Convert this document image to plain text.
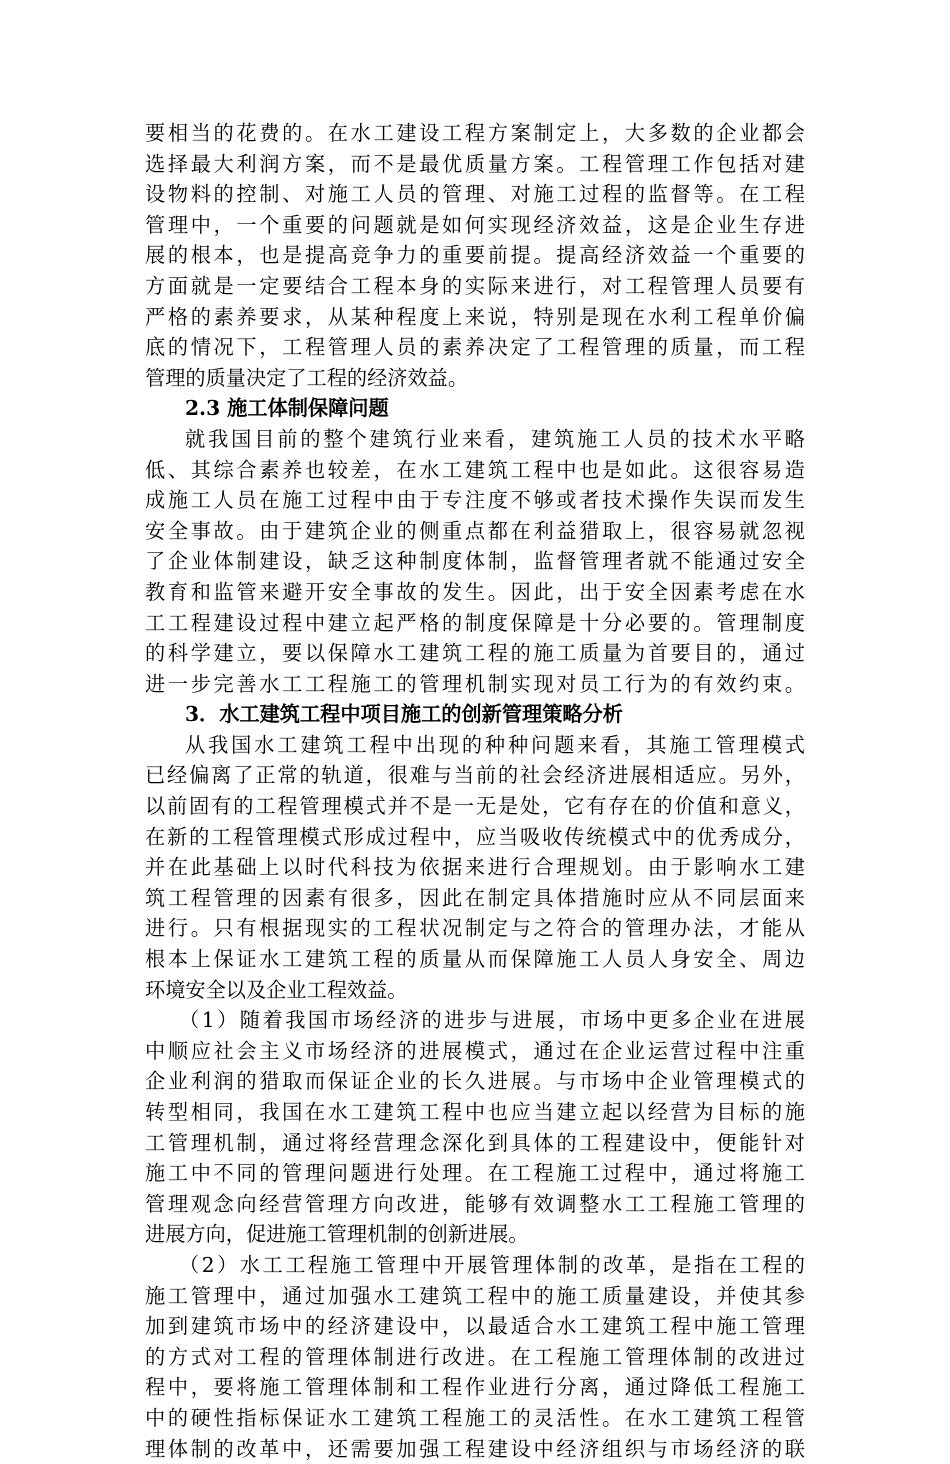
要相当的花费的。在水工建设工程方案制定上，大多数的企业都会

选择最大利润方案，而不是最优质量方案。工程管理工作包括对建

设物料的控制、对施工人员的管理、对施工过程的监督等。在工程

管理中，一个重要的问题就是如何实现经济效益，这是企业生存进

展的根本，也是提高竞争力的重要前提。提高经济效益一个重要的

方面就是一定要结合工程本身的实际来进行，对工程管理人员要有

严格的素养要求，从某种程度上来说，特别是现在水利工程单价偏

底的情况下，工程管理人员的素养决定了工程管理的质量，而工程

管理的质量决定了工程的经济效益。

2.3 施工体制保障问题

就我国目前的整个建筑行业来看，建筑施工人员的技术水平略

低、其综合素养也较差，在水工建筑工程中也是如此。这很容易造

成施工人员在施工过程中由于专注度不够或者技术操作失误而发生

安全事故。由于建筑企业的侧重点都在利益猎取上，很容易就忽视

了企业体制建设，缺乏这种制度体制，监督管理者就不能通过安全

教育和监管来避开安全事故的发生。因此，出于安全因素考虑在水

工工程建设过程中建立起严格的制度保障是十分必要的。管理制度

的科学建立，要以保障水工建筑工程的施工质量为首要目的，通过

进一步完善水工工程施工的管理机制实现对员工行为的有效约束。

3．水工建筑工程中项目施工的创新管理策略分析

从我国水工建筑工程中出现的种种问题来看，其施工管理模式

已经偏离了正常的轨道，很难与当前的社会经济进展相适应。另外，

以前固有的工程管理模式并不是一无是处，它有存在的价值和意义，

在新的工程管理模式形成过程中，应当吸收传统模式中的优秀成分，

并在此基础上以时代科技为依据来进行合理规划。由于影响水工建

筑工程管理的因素有很多，因此在制定具体措施时应从不同层面来

进行。只有根据现实的工程状况制定与之符合的管理办法，才能从

根本上保证水工建筑工程的质量从而保障施工人员人身安全、周边

环境安全以及企业工程效益。

（1）随着我国市场经济的进步与进展，市场中更多企业在进展

中顺应社会主义市场经济的进展模式，通过在企业运营过程中注重

企业利润的猎取而保证企业的长久进展。与市场中企业管理模式的

转型相同，我国在水工建筑工程中也应当建立起以经营为目标的施

工管理机制，通过将经营理念深化到具体的工程建设中，便能针对

施工中不同的管理问题进行处理。在工程施工过程中，通过将施工

管理观念向经营管理方向改进，能够有效调整水工工程施工管理的

进展方向，促进施工管理机制的创新进展。

（2）水工工程施工管理中开展管理体制的改革，是指在工程的

施工管理中，通过加强水工建筑工程中的施工质量建设，并使其参

加到建筑市场中的经济建设中，以最适合水工建筑工程中施工管理

的方式对工程的管理体制进行改进。在工程施工管理体制的改进过

程中，要将施工管理体制和工程作业进行分离，通过降低工程施工

中的硬性指标保证水工建筑工程施工的灵活性。在水工建筑工程管

理体制的改革中，还需要加强工程建设中经济组织与市场经济的联
